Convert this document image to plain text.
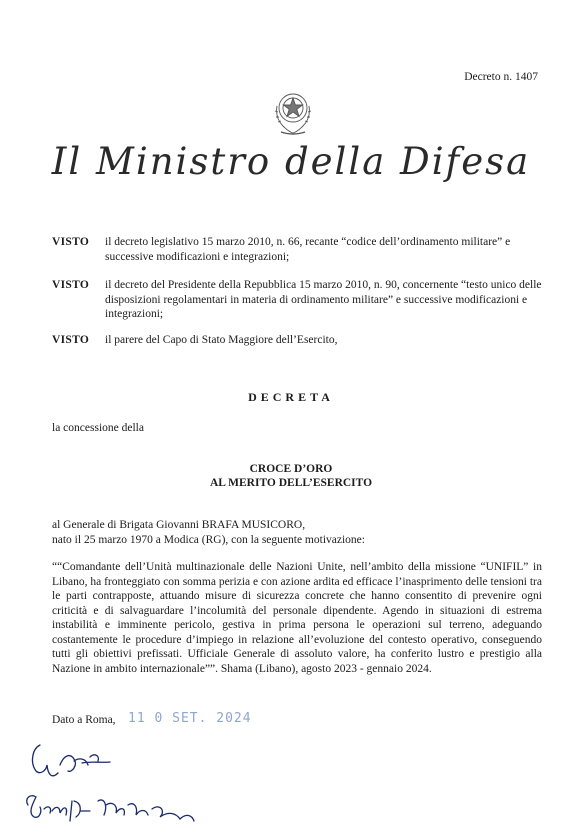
Decreto n. 1407
Il Ministro della Difesa
VISTO il decreto legislativo 15 marzo 2010, n. 66, recante “codice dell’ordinamento militare” e successive modificazioni e integrazioni;
VISTO il decreto del Presidente della Repubblica 15 marzo 2010, n. 90, concernente “testo unico delle disposizioni regolamentari in materia di ordinamento militare” e successive modificazioni e integrazioni;
VISTO il parere del Capo di Stato Maggiore dell’Esercito,
DECRETA
la concessione della
CROCE D’ORO
AL MERITO DELL’ESERCITO
al Generale di Brigata Giovanni BRAFA MUSICORO,
nato il 25 marzo 1970 a Modica (RG), con la seguente motivazione:
““Comandante dell’Unità multinazionale delle Nazioni Unite, nell’ambito della missione “UNIFIL” in Libano, ha fronteggiato con somma perizia e con azione ardita ed efficace l’inasprimento delle tensioni tra le parti contrapposte, attuando misure di sicurezza concrete che hanno consentito di prevenire ogni criticità e di salvaguardare l’incolumità del personale dipendente. Agendo in situazioni di estrema instabilità e imminente pericolo, gestiva in prima persona le operazioni sul terreno, adeguando costantemente le procedure d’impiego in relazione all’evoluzione del contesto operativo, conseguendo tutti gli obiettivi prefissati. Ufficiale Generale di assoluto valore, ha conferito lustro e prestigio alla Nazione in ambito internazionale””. Shama (Libano), agosto 2023 - gennaio 2024.
Dato a Roma, 11 0 SET. 2024
